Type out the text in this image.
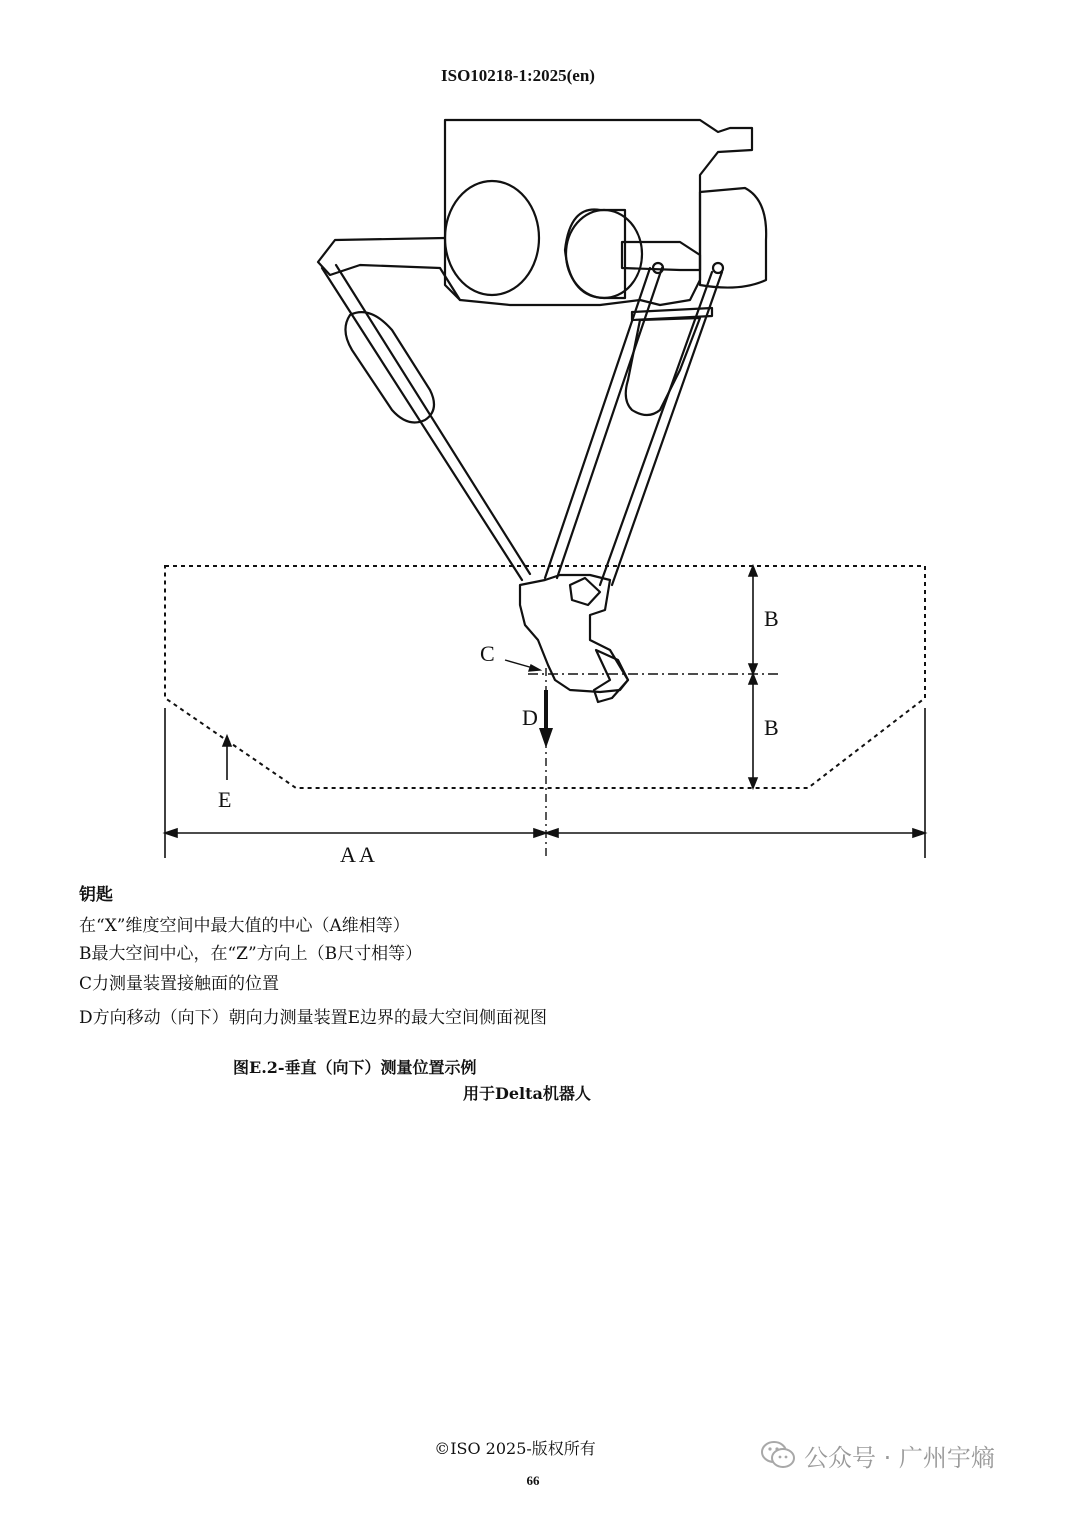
ISO10218-1:2025(en)
B
B
C
D
E
A A
钥匙
在“X”维度空间中最大值的中心（A维相等）
B最大空间中心，在“Z”方向上（B尺寸相等）
C力测量装置接触面的位置
D方向移动（向下）朝向力测量装置E边界的最大空间侧面视图
图E.2-垂直（向下）测量位置示例
用于Delta机器人
©ISO 2025-版权所有
66
公众号 · 广州宇熵
